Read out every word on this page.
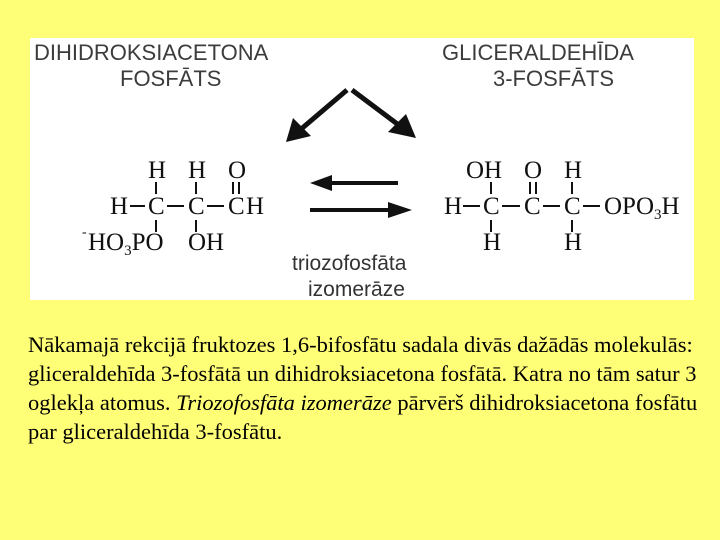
DIHIDROKSIACETONA
FOSFĀTS
GLICERALDEHĪDA
3-FOSFĀTS
triozofosfāta
izomerāze
H H O
H C C C H
- $HO_3PO$ OH
OH O H
H C C C $OPO_3H$
H	H

Nākamajā rekcijā fruktozes 1,6-bifosfātu sadala divās dažādās molekulās: gliceraldehīda 3-fosfātā un dihidroksiacetona fosfātā. Katra no tām satur 3 oglekļa atomus. Triozofosfāta izomerāze pārvērš dihidroksiacetona fosfātu par gliceraldehīda 3-fosfātu.
